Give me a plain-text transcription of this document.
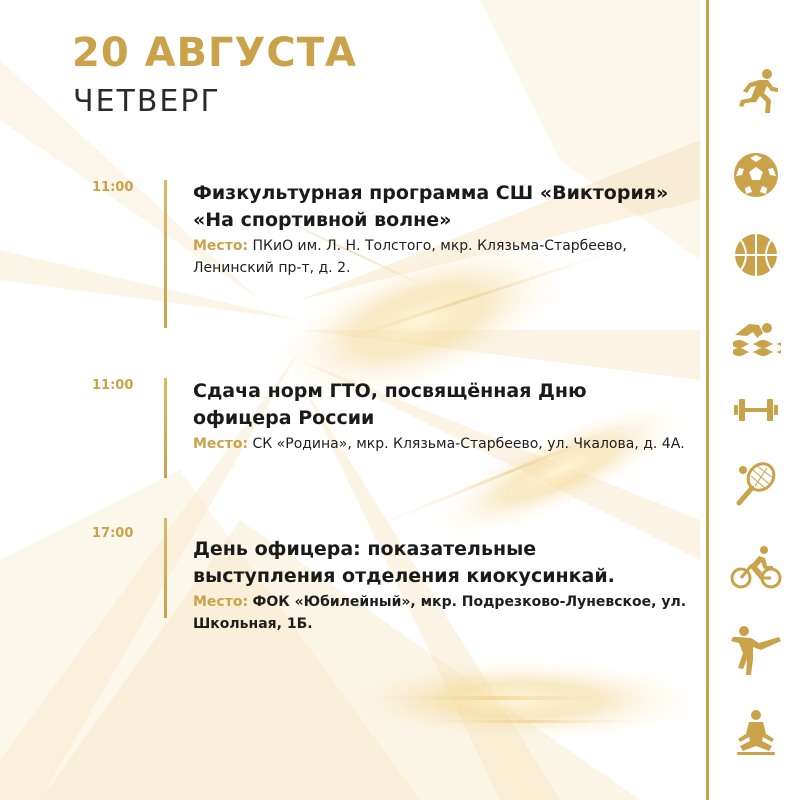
20 АВГУСТА
ЧЕТВЕРГ
11:00	Физкультурная программа СШ «Виктория»
«На спортивной волне»
Место: ПКиО им. Л. Н. Толстого, мкр. Клязьма-Старбеево, Ленинский пр-т, д. 2.
11:00	Сдача норм ГТО, посвящённая Дню
офицера России
Место: СК «Родина», мкр. Клязьма-Старбеево, ул. Чкалова, д. 4А.
17:00
День офицера: показательные
выступления отделения киокусинкай.
Место: ФОК «Юбилейный», мкр. Подрезково-Луневское, ул. Школьная, 1Б.
